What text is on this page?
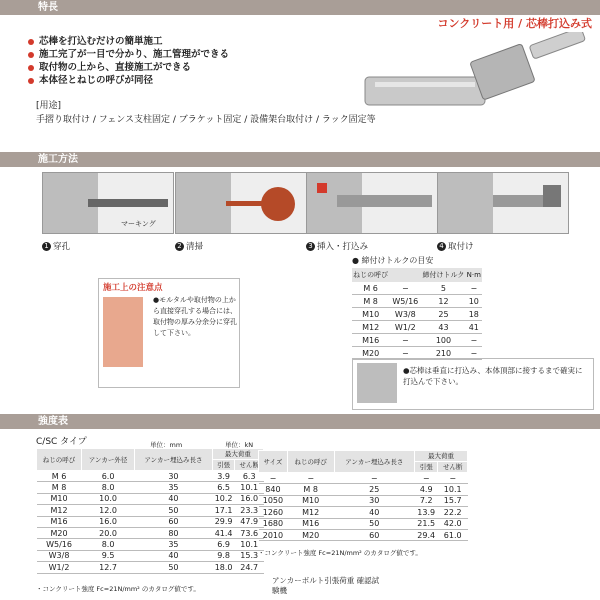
特長
コンクリート用 / 芯棒打込み式
芯棒を打込むだけの簡単施工
施工完了が一目で分かり、施工管理ができる
取付物の上から、直接施工ができる
本体径とねじの呼びが同径
[用途]
手摺り取付け / フェンス支柱固定 / ブラケット固定 / 設備架台取付け / ラック固定等
施工方法
マーキング
1 穿孔	2 清掃	3 挿入・打込み	4 取付け
施工上の注意点
●モルタルや取付物の上から直接穿孔する場合には、取付物の厚み分余分に穿孔して下さい。
● 締付けトルクの目安
ねじの呼び		締付けトルク	N·m
M 6	−	5	−
M 8	W5/16	12	10
M10	W3/8	25	18
M12	W1/2	43	41
M16	−	100	−
M20	−	210	−
●芯棒は垂直に打込み、本体頂部に接するまで確実に打込んで下さい。
強度表
C/SC タイプ	単位：mm	単位：kN
ねじの呼び	アンカー外径	アンカー埋込み長さ	最大荷重	
			引張	せん断
M 6	6.0	30	3.9	6.3
M 8	8.0	35	6.5	10.1
M10	10.0	40	10.2	16.0
M12	12.0	50	17.1	23.3
M16	16.0	60	29.9	47.9
M20	20.0	80	41.4	73.6
W5/16	8.0	35	6.9	10.1
W3/8	9.5	40	9.8	15.3
W1/2	12.7	50	18.0	24.7
・コンクリート強度 Fc=21N/mm² のカタログ値です。
サイズ	ねじの呼び	アンカー埋込み長さ	最大荷重	
			引張	せん断
−	−	−	−	−
840	M 8	25	4.9	10.1
1050	M10	30	7.2	15.7
1260	M12	40	13.9	22.2
1680	M16	50	21.5	42.0
2010	M20	60	29.4	61.0
・コンクリート強度 Fc=21N/mm² のカタログ値です。
アンカーボルト引張荷重 確認試験機
